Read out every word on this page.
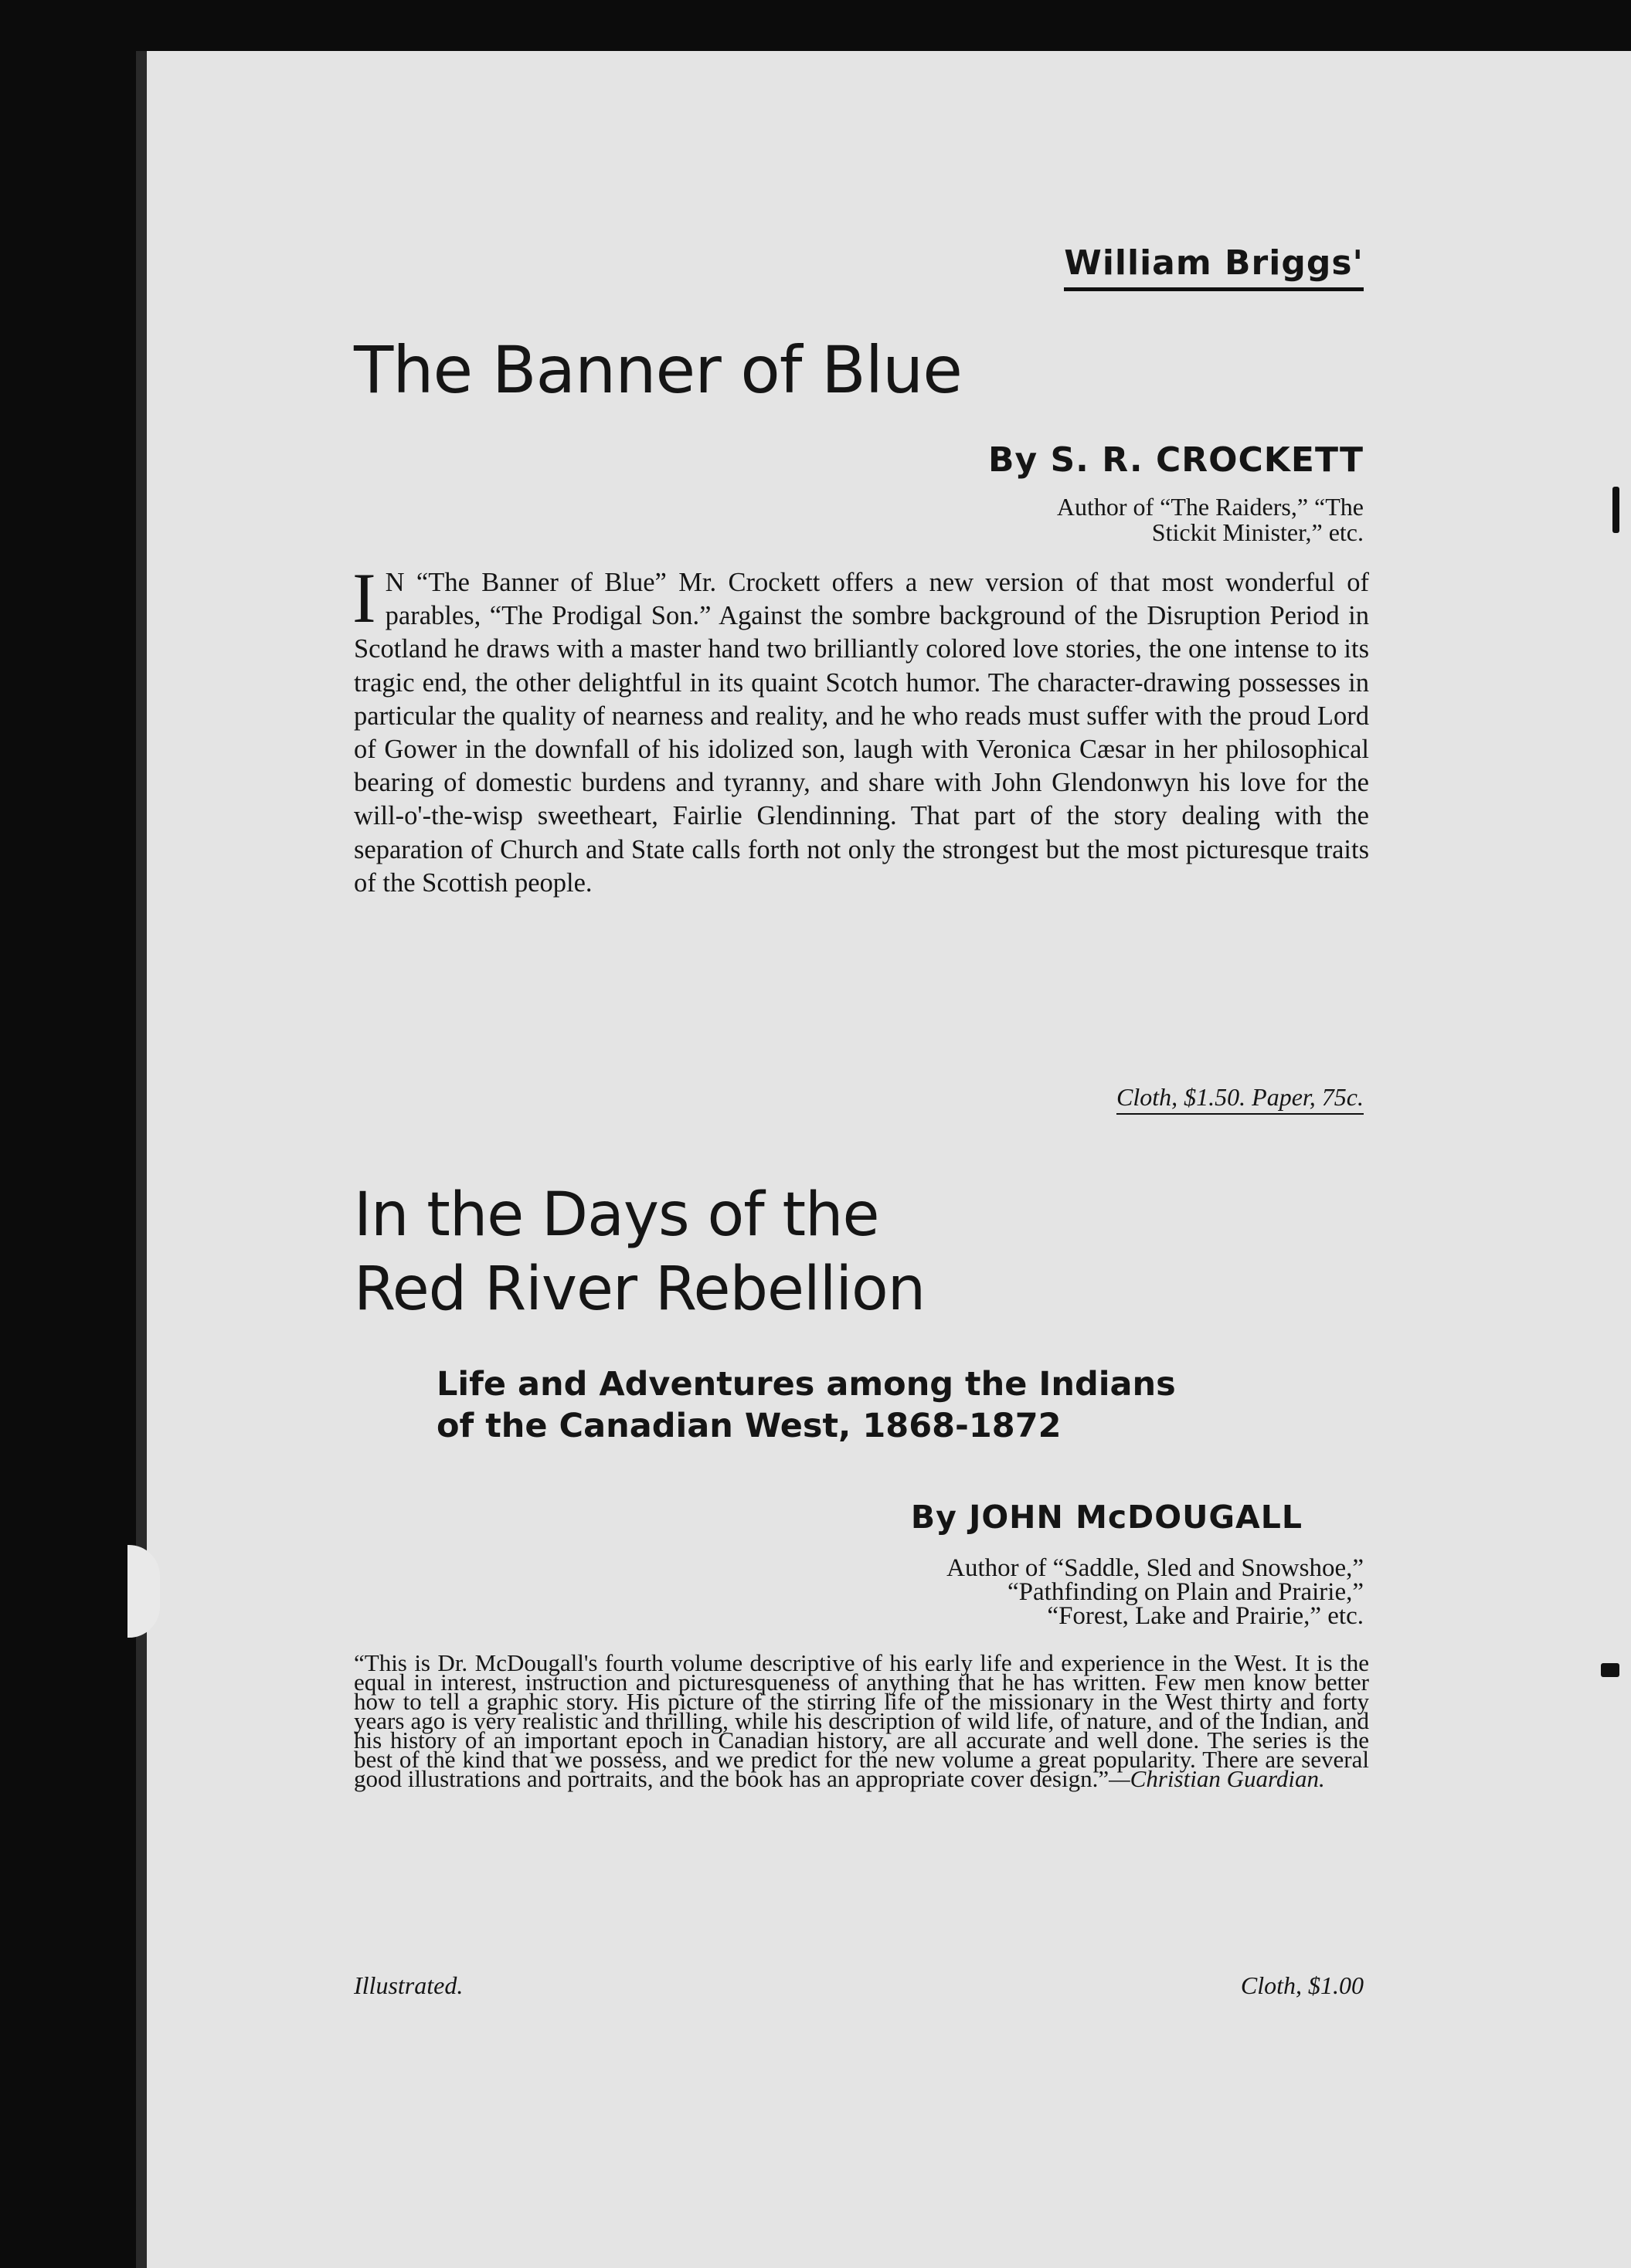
William Briggs'
The Banner of Blue
By S. R. CROCKETT
Author of “The Raiders,” “The
Stickit Minister,” etc.

I N “The Banner of Blue” Mr. Crockett offers a new version of that most wonderful of parables, “The Prodigal Son.” Against the sombre background of the Disruption Period in Scotland he draws with a master hand two brilliantly colored love stories, the one intense to its tragic end, the other delightful in its quaint Scotch humor. The character-drawing possesses in particular the quality of nearness and reality, and he who reads must suffer with the proud Lord of Gower in the downfall of his idolized son, laugh with Veronica Cæsar in her philosophical bearing of domestic burdens and tyranny, and share with John Glendonwyn his love for the will-o'-the-wisp sweetheart, Fairlie Glendinning. That part of the story dealing with the separation of Church and State calls forth not only the strongest but the most picturesque traits of the Scottish people.

Cloth, $1.50. Paper, 75c.
In the Days of the
Red River Rebellion
Life and Adventures among the Indians
of the Canadian West, 1868-1872
By JOHN McDOUGALL
Author of “Saddle, Sled and Snowshoe,”
“Pathfinding on Plain and Prairie,”
“Forest, Lake and Prairie,” etc.

“This is Dr. McDougall's fourth volume descriptive of his early life and experience in the West. It is the equal in interest, instruction and picturesqueness of anything that he has written. Few men know better how to tell a graphic story. His picture of the stirring life of the missionary in the West thirty and forty years ago is very realistic and thrilling, while his description of wild life, of nature, and of the Indian, and his history of an important epoch in Canadian history, are all accurate and well done. The series is the best of the kind that we possess, and we predict for the new volume a great popularity. There are several good illustrations and portraits, and the book has an appropriate cover design.”—Christian Guardian.

Illustrated.	Cloth, $1.00
